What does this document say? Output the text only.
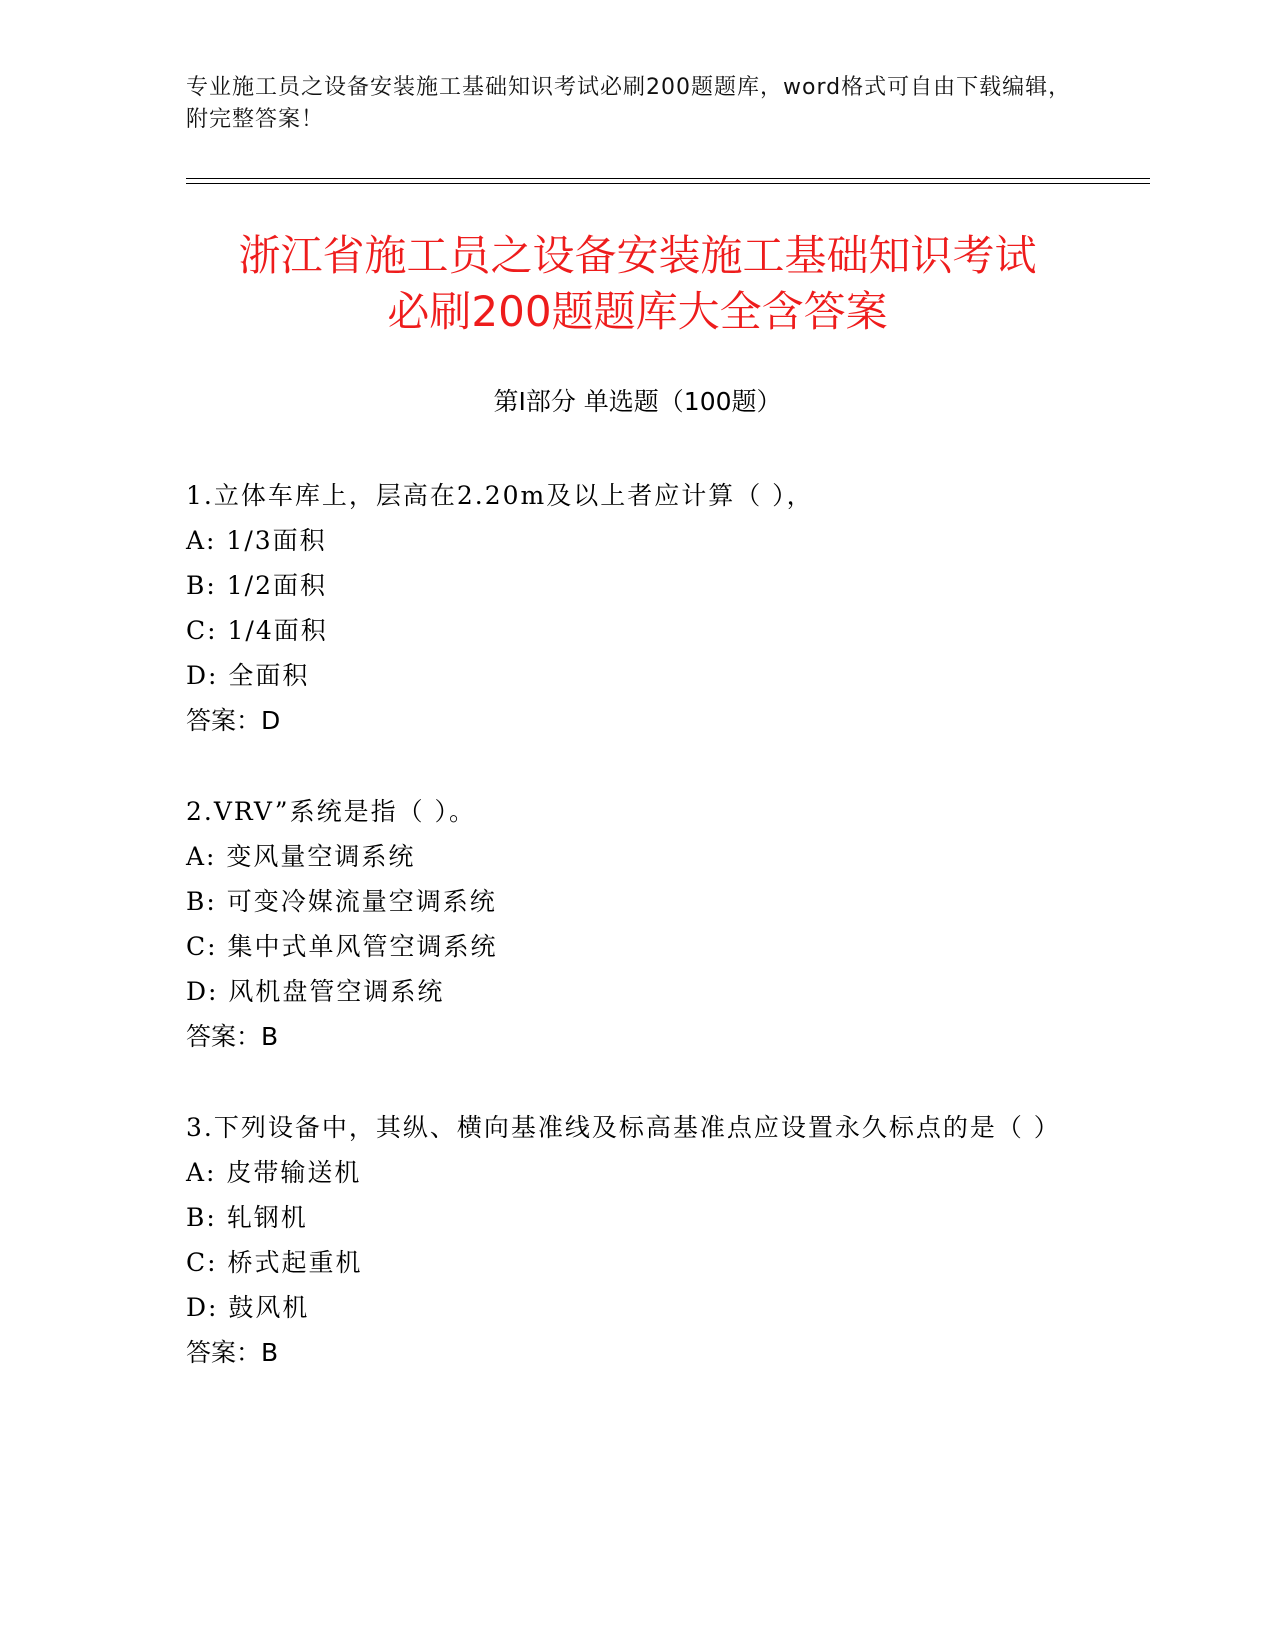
专业施工员之设备安装施工基础知识考试必刷200题题库，word格式可自由下载编辑，附完整答案！
浙江省施工员之设备安装施工基础知识考试
必刷200题题库大全含答案
第Ⅰ部分 单选题（100题）
1.立体车库上，层高在2.20m及以上者应计算（ ），
A: 1/3面积
B: 1/2面积
C: 1/4面积
D: 全面积
答案：D
2.VRV”系统是指（ ）。
A: 变风量空调系统
B: 可变冷媒流量空调系统
C: 集中式单风管空调系统
D: 风机盘管空调系统
答案：B
3.下列设备中，其纵、横向基准线及标高基准点应设置永久标点的是（ ）
A: 皮带输送机
B: 轧钢机
C: 桥式起重机
D: 鼓风机
答案：B
